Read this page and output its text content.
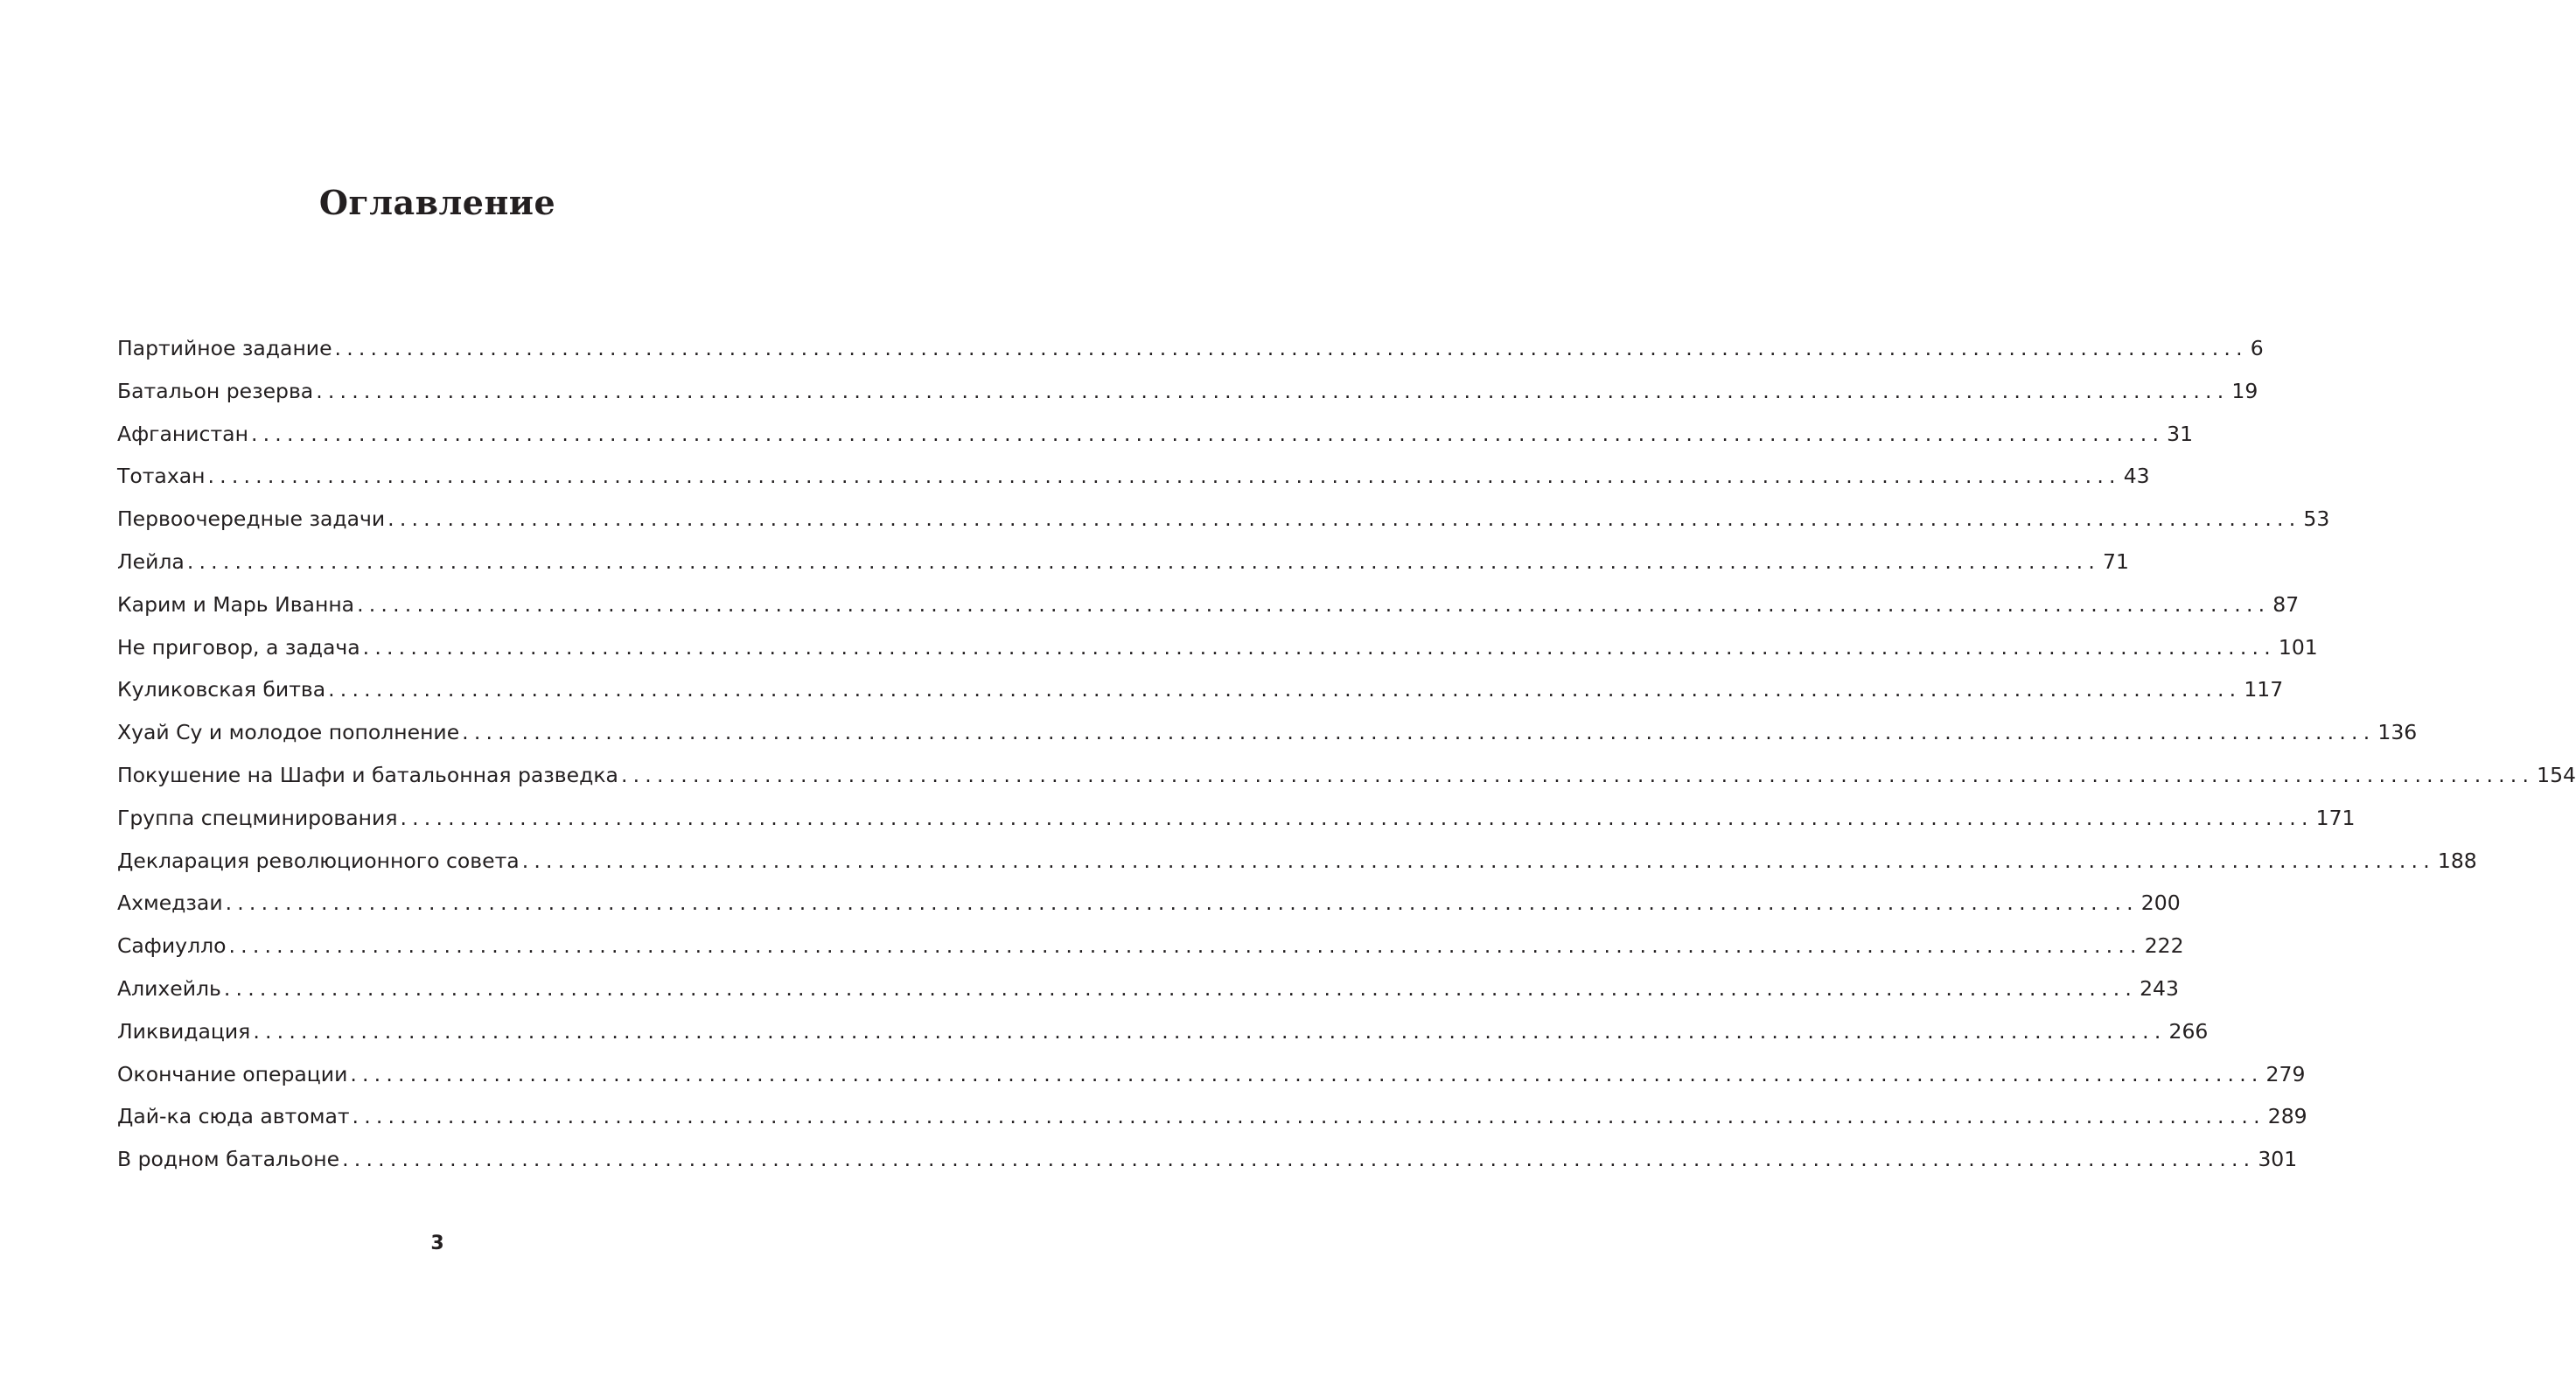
Оглавление
Партийное задание ................................................................................................................................................................ 6
Батальон резерва ................................................................................................................................................................ 19
Афганистан ................................................................................................................................................................ 31
Тотахан ................................................................................................................................................................ 43
Первоочередные задачи ................................................................................................................................................................ 53
Лейла ................................................................................................................................................................ 71
Карим и Марь Иванна ................................................................................................................................................................ 87
Не приговор, а задача ................................................................................................................................................................ 101
Куликовская битва ................................................................................................................................................................ 117
Хуай Су и молодое пополнение ................................................................................................................................................................ 136
Покушение на Шафи и батальонная разведка ................................................................................................................................................................ 154
Группа спецминирования ................................................................................................................................................................ 171
Декларация революционного совета ................................................................................................................................................................ 188
Ахмедзаи ................................................................................................................................................................ 200
Сафиулло ................................................................................................................................................................ 222
Алихейль ................................................................................................................................................................ 243
Ликвидация ................................................................................................................................................................ 266
Окончание операции ................................................................................................................................................................ 279
Дай-ка сюда автомат ................................................................................................................................................................ 289
В родном батальоне ................................................................................................................................................................ 301
3
